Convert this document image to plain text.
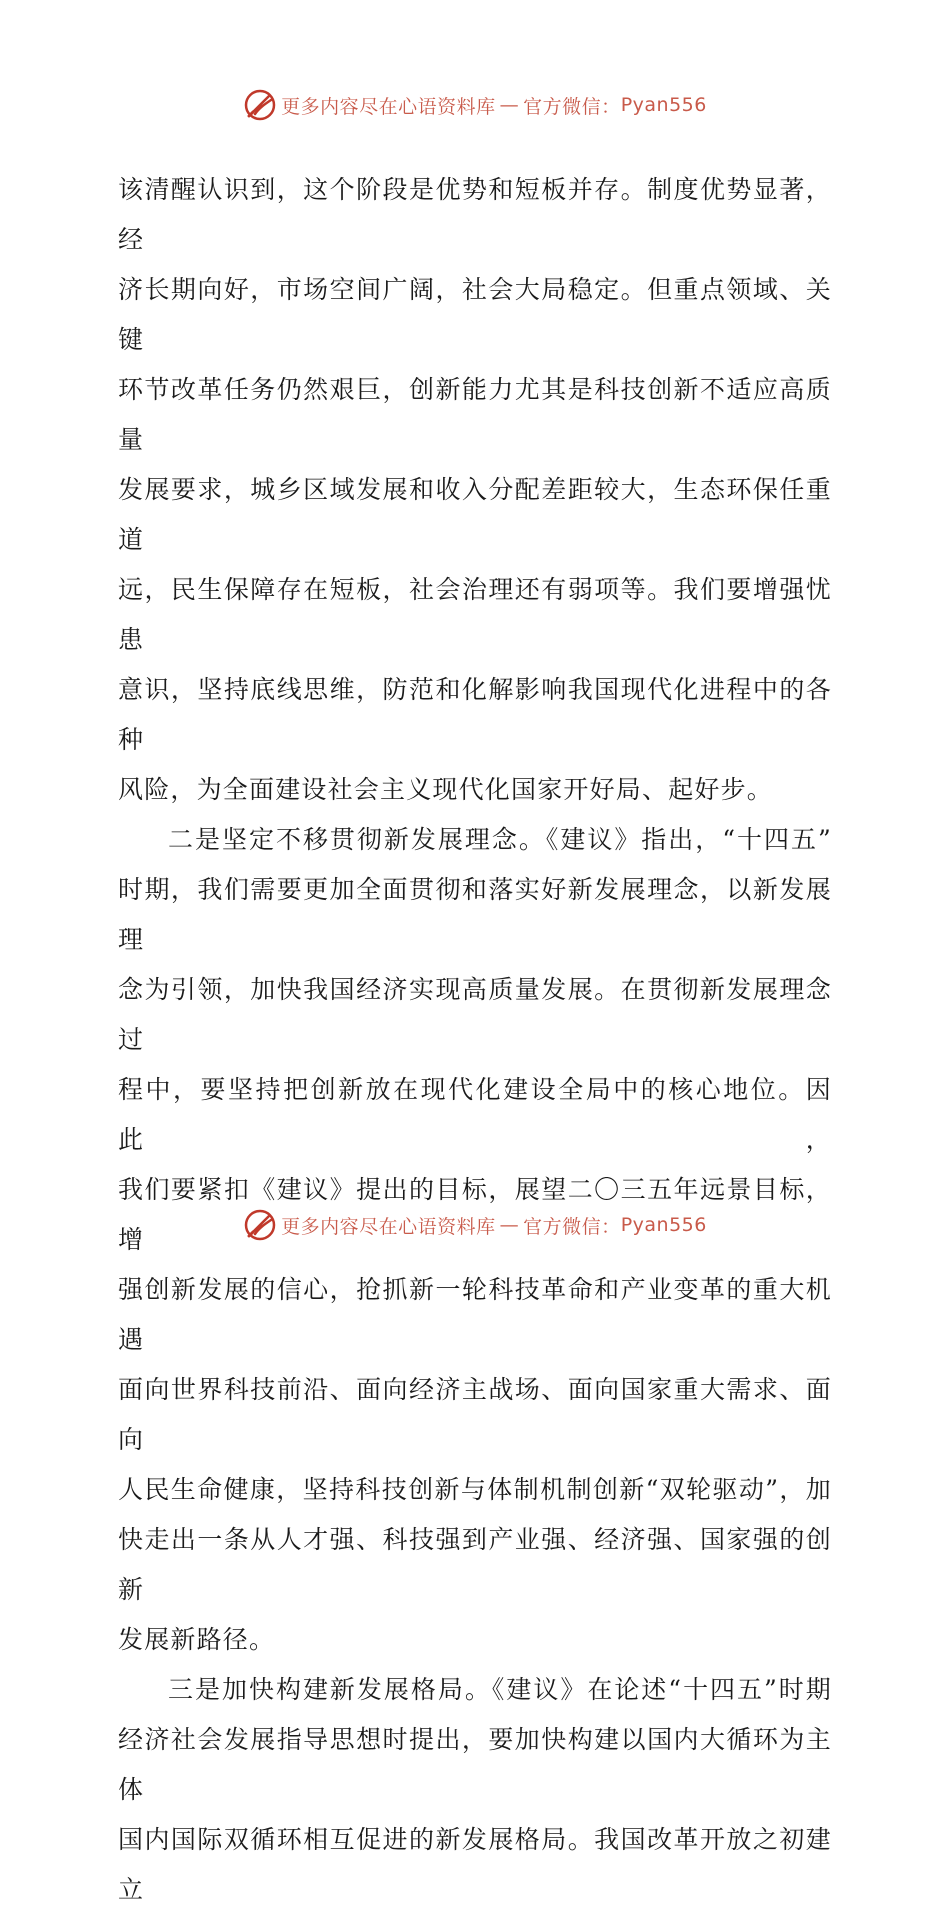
更多内容尽在心语资料库 — 官方微信： Pyan556

该清醒认识到，这个阶段是优势和短板并存。制度优势显著，经
济长期向好，市场空间广阔，社会大局稳定。但重点领域、关键
环节改革任务仍然艰巨，创新能力尤其是科技创新不适应高质量
发展要求，城乡区域发展和收入分配差距较大，生态环保任重道
远，民生保障存在短板，社会治理还有弱项等。我们要增强忧患
意识，坚持底线思维，防范和化解影响我国现代化进程中的各种
风险，为全面建设社会主义现代化国家开好局、起好步。

二是坚定不移贯彻新发展理念。《建议》指出，“十四五”
时期，我们需要更加全面贯彻和落实好新发展理念，以新发展理
念为引领，加快我国经济实现高质量发展。在贯彻新发展理念过
程中，要坚持把创新放在现代化建设全局中的核心地位。因此，
我们要紧扣《建议》提出的目标，展望二〇三五年远景目标，增
强创新发展的信心，抢抓新一轮科技革命和产业变革的重大机遇
面向世界科技前沿、面向经济主战场、面向国家重大需求、面向
人民生命健康，坚持科技创新与体制机制创新“双轮驱动”，加
快走出一条从人才强、科技强到产业强、经济强、国家强的创新
发展新路径。

三是加快构建新发展格局。《建议》在论述“十四五”时期
经济社会发展指导思想时提出，要加快构建以国内大循环为主体
国内国际双循环相互促进的新发展格局。我国改革开放之初建立

更多内容尽在心语资料库 — 官方微信： Pyan556
